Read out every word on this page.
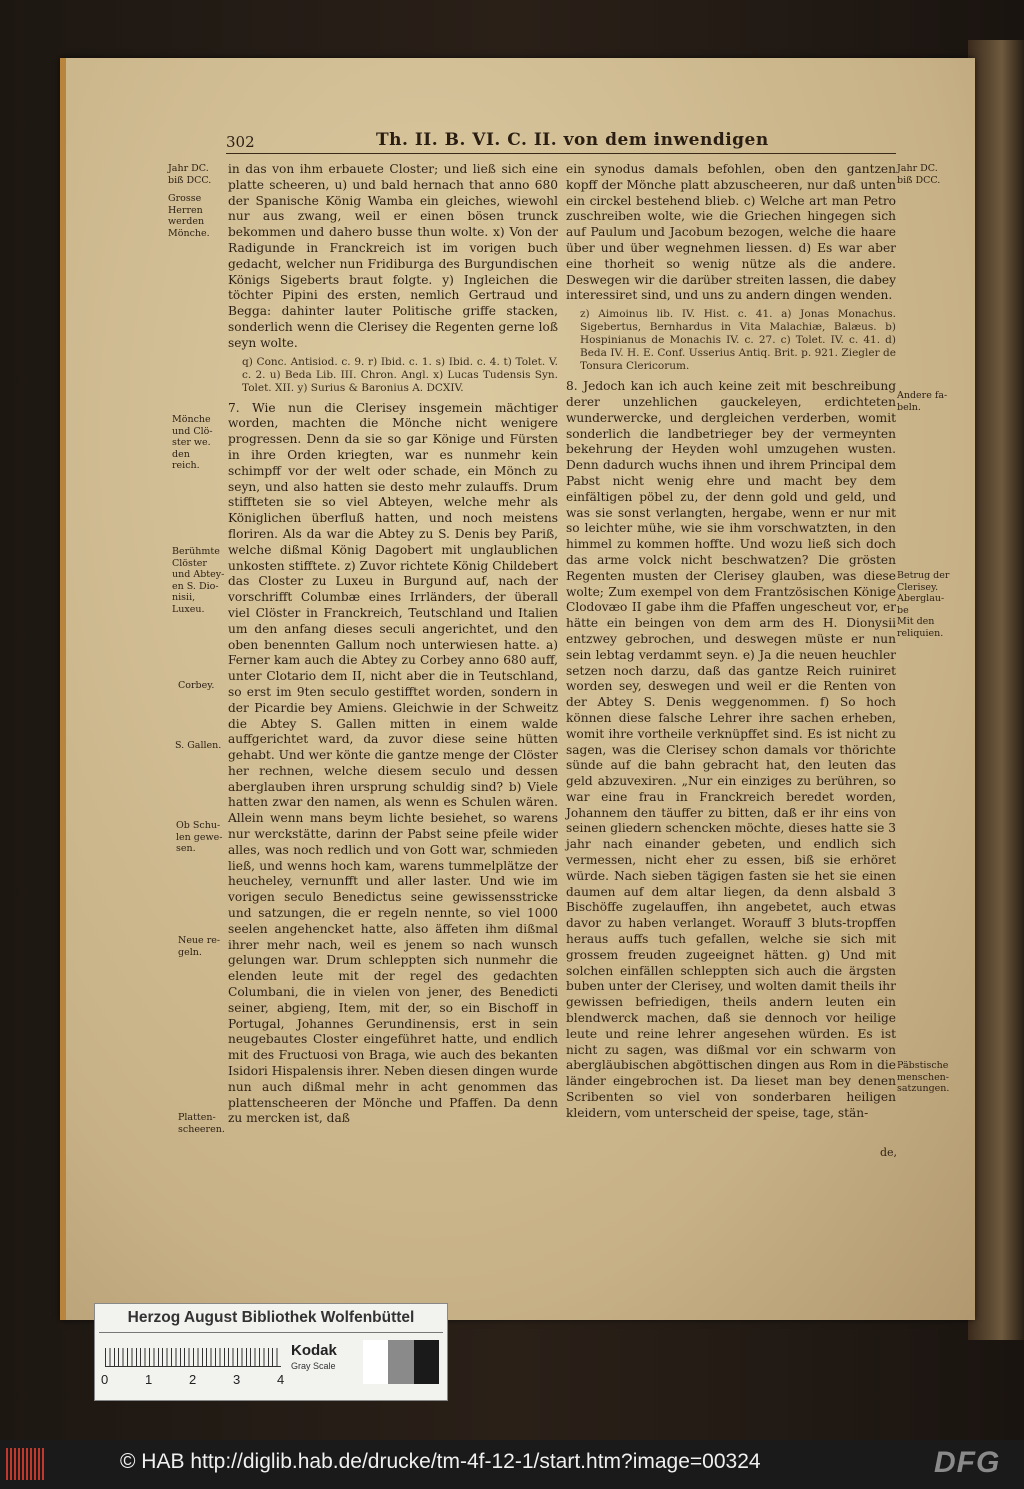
302	Th. II. B. VI. C. II. von dem inwendigen

in das von ihm erbauete Closter; und ließ sich eine platte scheeren, u) und bald hernach that anno 680 der Spanische König Wamba ein gleiches, wiewohl nur aus zwang, weil er einen bösen trunck bekommen und dahero busse thun wolte. x) Von der Radigunde in Franckreich ist im vorigen buch gedacht, welcher nun Fridiburga des Burgundischen Königs Sigeberts braut folgte. y) Ingleichen die töchter Pipini des ersten, nemlich Gertraud und Begga: dahinter lauter Politische griffe stacken, sonderlich wenn die Clerisey die Regenten gerne loß seyn wolte.

q) Conc. Antisiod. c. 9. r) Ibid. c. 1. s) Ibid. c. 4. t) Tolet. V. c. 2. u) Beda Lib. III. Chron. Angl. x) Lucas Tudensis Syn. Tolet. XII. y) Surius & Baronius A. DCXIV.

7. Wie nun die Clerisey insgemein mächtiger worden, machten die Mönche nicht wenigere progressen. Denn da sie so gar Könige und Fürsten in ihre Orden kriegten, war es nunmehr kein schimpff vor der welt oder schade, ein Mönch zu seyn, und also hatten sie desto mehr zulauffs. Drum stiffteten sie so viel Abteyen, welche mehr als Königlichen überfluß hatten, und noch meistens floriren. Als da war die Abtey zu S. Denis bey Pariß, welche dißmal König Dagobert mit unglaublichen unkosten stifftete. z) Zuvor richtete König Childebert das Closter zu Luxeu in Burgund auf, nach der vorschrifft Columbæ eines Irrländers, der überall viel Clöster in Franckreich, Teutschland und Italien um den anfang dieses seculi angerichtet, und den oben benennten Gallum noch unterwiesen hatte. a) Ferner kam auch die Abtey zu Corbey anno 680 auff, unter Clotario dem II, nicht aber die in Teutschland, so erst im 9ten seculo gestifftet worden, sondern in der Picardie bey Amiens. Gleichwie in der Schweitz die Abtey S. Gallen mitten in einem walde auffgerichtet ward, da zuvor diese seine hütten gehabt. Und wer könte die gantze menge der Clöster her rechnen, welche diesem seculo und dessen aberglauben ihren ursprung schuldig sind? b) Viele hatten zwar den namen, als wenn es Schulen wären. Allein wenn mans beym lichte besiehet, so warens nur werckstätte, darinn der Pabst seine pfeile wider alles, was noch redlich und von Gott war, schmieden ließ, und wenns hoch kam, warens tummelplätze der heucheley, vernunfft und aller laster. Und wie im vorigen seculo Benedictus seine gewissensstricke und satzungen, die er regeln nennte, so viel 1000 seelen angehencket hatte, also äffeten ihm dißmal ihrer mehr nach, weil es jenem so nach wunsch gelungen war. Drum schleppten sich nunmehr die elenden leute mit der regel des gedachten Columbani, die in vielen von jener, des Benedicti seiner, abgieng, Item, mit der, so ein Bischoff in Portugal, Johannes Gerundinensis, erst in sein neugebautes Closter eingeführet hatte, und endlich mit des Fructuosi von Braga, wie auch des bekanten Isidori Hispalensis ihrer. Neben diesen dingen wurde nun auch dißmal mehr in acht genommen das plattenscheeren der Mönche und Pfaffen. Da denn zu mercken ist, daß

ein synodus damals befohlen, oben den gantzen kopff der Mönche platt abzuscheeren, nur daß unten ein circkel bestehend blieb. c) Welche art man Petro zuschreiben wolte, wie die Griechen hingegen sich auf Paulum und Jacobum bezogen, welche die haare über und über wegnehmen liessen. d) Es war aber eine thorheit so wenig nütze als die andere. Deswegen wir die darüber streiten lassen, die dabey interessiret sind, und uns zu andern dingen wenden.

z) Aimoinus lib. IV. Hist. c. 41. a) Jonas Monachus. Sigebertus, Bernhardus in Vita Malachiæ, Balæus. b) Hospinianus de Monachis IV. c. 27. c) Tolet. IV. c. 41. d) Beda IV. H. E. Conf. Usserius Antiq. Brit. p. 921. Ziegler de Tonsura Clericorum.

8. Jedoch kan ich auch keine zeit mit beschreibung derer unzehlichen gauckeleyen, erdichteten wunderwercke, und dergleichen verderben, womit sonderlich die landbetrieger bey der vermeynten bekehrung der Heyden wohl umzugehen wusten. Denn dadurch wuchs ihnen und ihrem Principal dem Pabst nicht wenig ehre und macht bey dem einfältigen pöbel zu, der denn gold und geld, und was sie sonst verlangten, hergabe, wenn er nur mit so leichter mühe, wie sie ihm vorschwatzten, in den himmel zu kommen hoffte. Und wozu ließ sich doch das arme volck nicht beschwatzen? Die grösten Regenten musten der Clerisey glauben, was diese wolte; Zum exempel von dem Frantzösischen Könige Clodovæo II gabe ihm die Pfaffen ungescheut vor, er hätte ein beingen von dem arm des H. Dionysii entzwey gebrochen, und deswegen müste er nun sein lebtag verdammt seyn. e) Ja die neuen heuchler setzen noch darzu, daß das gantze Reich ruiniret worden sey, deswegen und weil er die Renten von der Abtey S. Denis weggenommen. f) So hoch können diese falsche Lehrer ihre sachen erheben, womit ihre vortheile verknüpffet sind. Es ist nicht zu sagen, was die Clerisey schon damals vor thörichte sünde auf die bahn gebracht hat, den leuten das geld abzuvexiren. „Nur ein einziges zu berühren, so war eine frau in Franckreich beredet worden, Johannem den täuffer zu bitten, daß er ihr eins von seinen gliedern schencken möchte, dieses hatte sie 3 jahr nach einander gebeten, und endlich sich vermessen, nicht eher zu essen, biß sie erhöret würde. Nach sieben tägigen fasten sie het sie einen daumen auf dem altar liegen, da denn alsbald 3 Bischöffe zugelauffen, ihn angebetet, auch etwas davor zu haben verlanget. Worauff 3 bluts-tropffen heraus auffs tuch gefallen, welche sie sich mit grossem freuden zugeeignet hätten. g) Und mit solchen einfällen schleppten sich auch die ärgsten buben unter der Clerisey, und wolten damit theils ihr gewissen befriedigen, theils andern leuten ein blendwerck machen, daß sie dennoch vor heilige leute und reine lehrer angesehen würden. Es ist nicht zu sagen, was dißmal vor ein schwarm von abergläubischen abgöttischen dingen aus Rom in die länder eingebrochen ist. Da lieset man bey denen Scribenten so viel von sonderbaren heiligen kleidern, vom unterscheid der speise, tage, stän-

de,
Jahr DC.
biß DCC.
Grosse
Herren
werden
Mönche.
Mönche
und Clö-
ster we. den
reich.
Berühmte
Clöster
und Abtey-
en S. Dio-
nisii,
Luxeu.
Corbey.
S. Gallen.
Ob Schu-
len gewe-
sen.
Neue re-
geln.
Platten-
scheeren.
Jahr DC.
biß DCC.
Andere fa-
beln.
Betrug der
Clerisey.
Aberglau-
be
Mit den
reliquien.
Päbstische
menschen-
satzungen.
Herzog August Bibliothek Wolfenbüttel
0	1	2	3	4
Kodak
Gray Scale
© HAB http://diglib.hab.de/drucke/tm-4f-12-1/start.htm?image=00324	DFG
